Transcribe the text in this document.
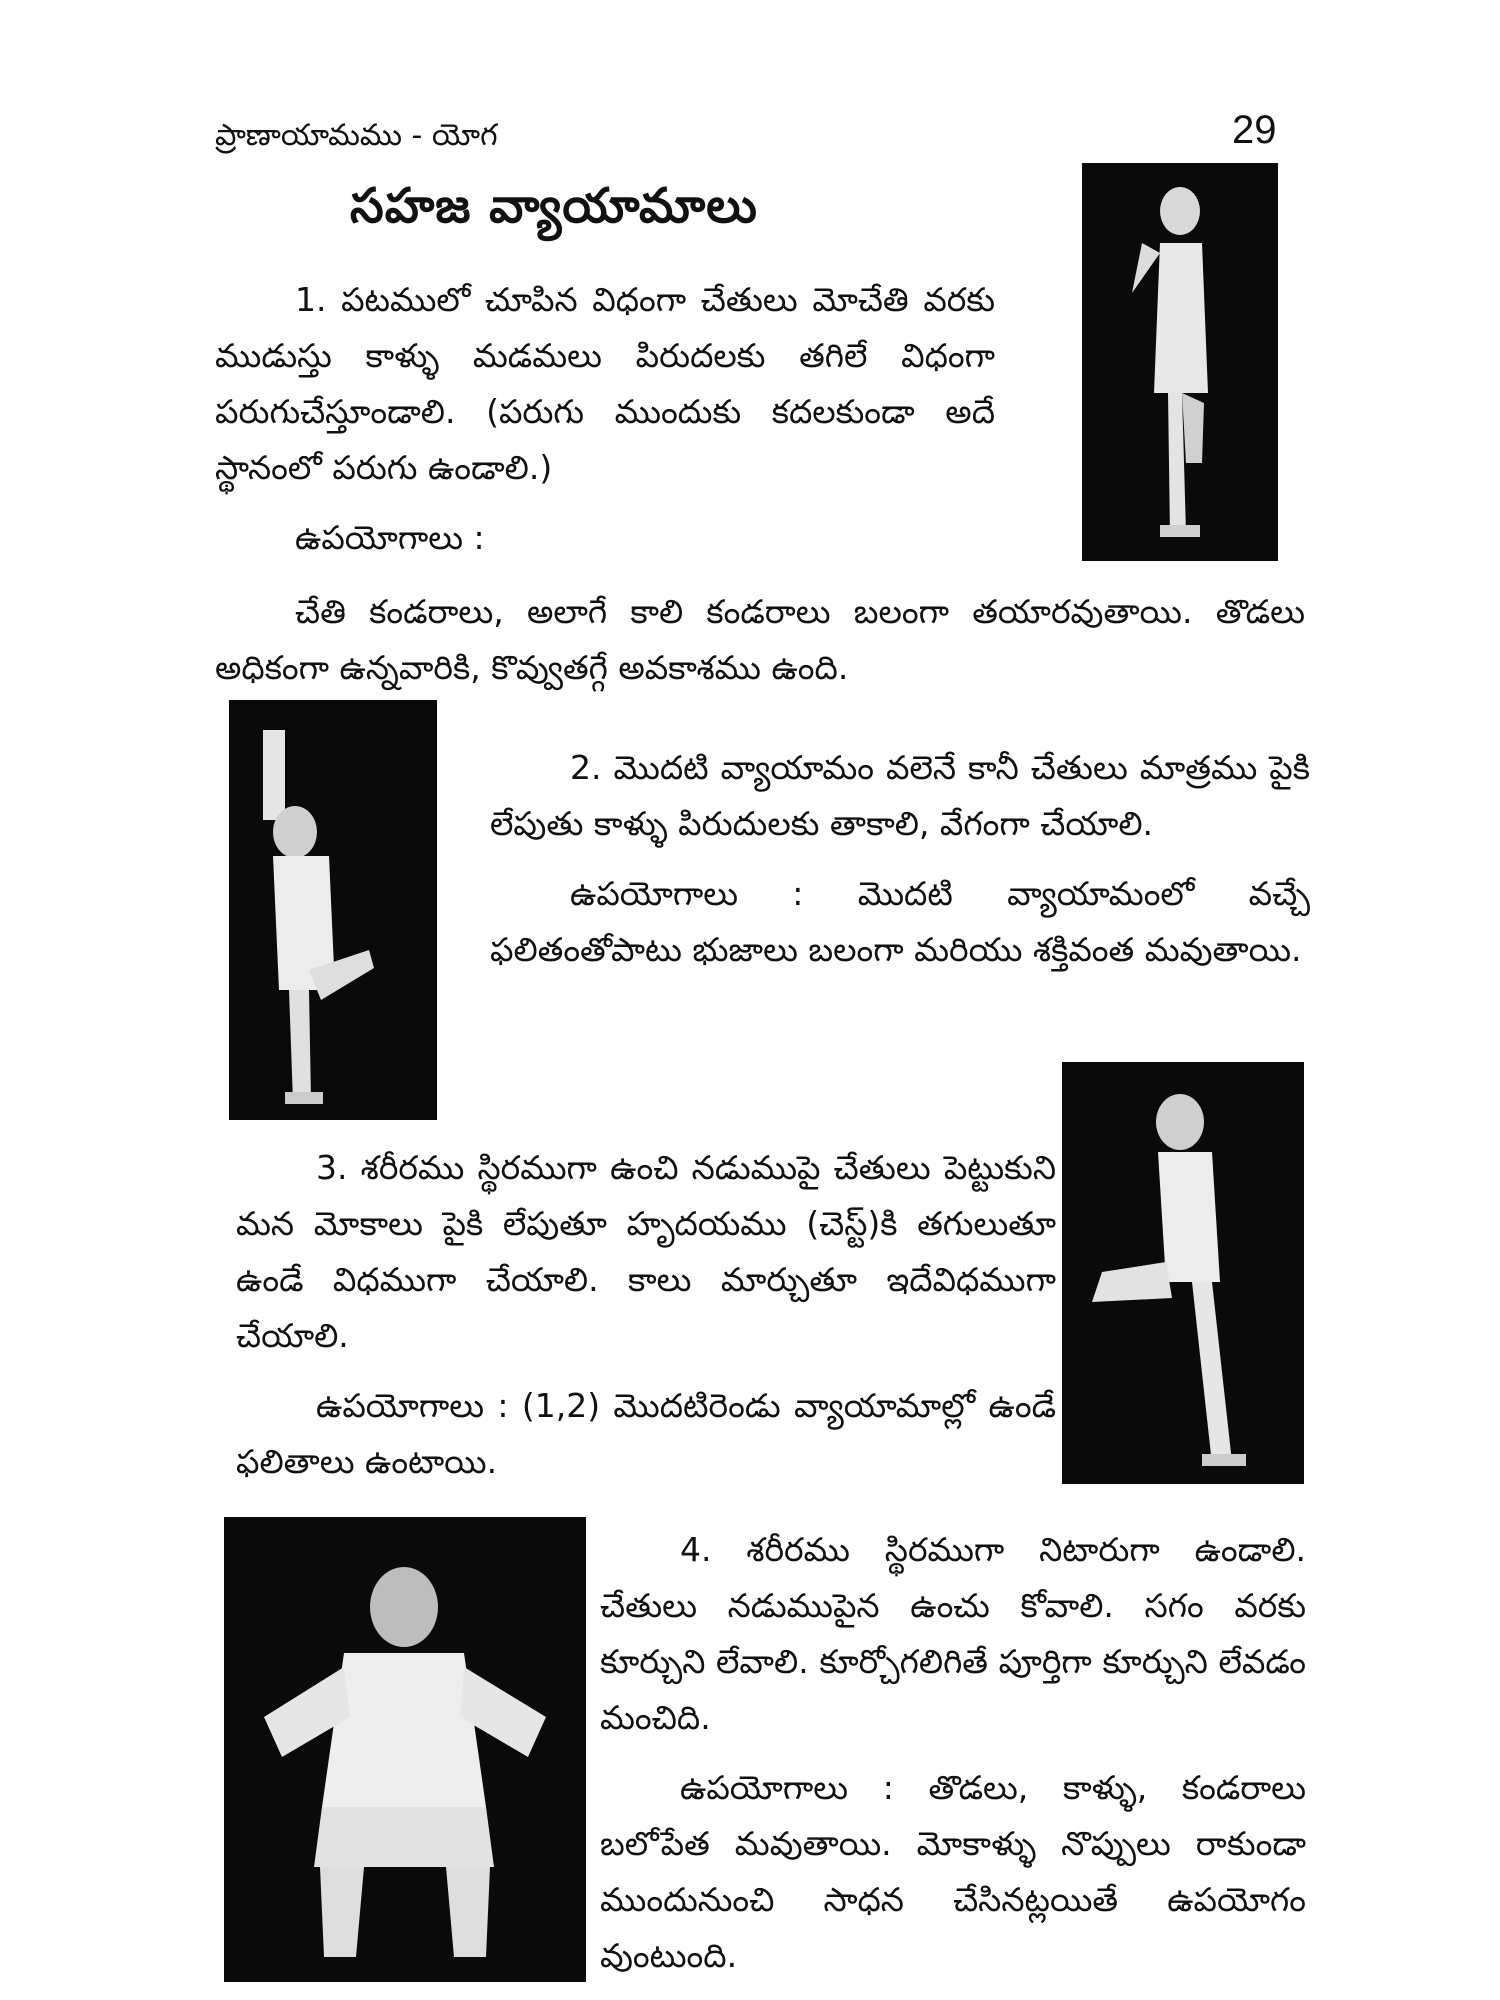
ప్రాణాయామము - యోగ	29
సహజ వ్యాయామాలు

1. పటములో చూపిన విధంగా చేతులు మోచేతి వరకు ముడుస్తు కాళ్ళు మడమలు పిరుదలకు తగిలే విధంగా పరుగుచేస్తూండాలి. (పరుగు ముందుకు కదలకుండా అదే స్థానంలో పరుగు ఉండాలి.)

ఉపయోగాలు :

చేతి కండరాలు, అలాగే కాలి కండరాలు బలంగా తయారవుతాయి. తొడలు అధికంగా ఉన్నవారికి, కొవ్వుతగ్గే అవకాశము ఉంది.

2. మొదటి వ్యాయామం వలెనే కానీ చేతులు మాత్రము పైకి లేపుతు కాళ్ళు పిరుదులకు తాకాలి, వేగంగా చేయాలి.

ఉపయోగాలు : మొదటి వ్యాయామంలో వచ్చే ఫలితంతోపాటు భుజాలు బలంగా మరియు శక్తివంత మవుతాయి.

3. శరీరము స్థిరముగా ఉంచి నడుముపై చేతులు పెట్టుకుని మన మోకాలు పైకి లేపుతూ హృదయము (చెస్ట్)కి తగులుతూ ఉండే విధముగా చేయాలి. కాలు మార్చుతూ ఇదేవిధముగా చేయాలి.

ఉపయోగాలు : (1,2) మొదటిరెండు వ్యాయామాల్లో ఉండే ఫలితాలు ఉంటాయి.

4. శరీరము స్థిరముగా నిటారుగా ఉండాలి. చేతులు నడుముపైన ఉంచు కోవాలి. సగం వరకు కూర్చుని లేవాలి. కూర్చోగలిగితే పూర్తిగా కూర్చుని లేవడం మంచిది.

ఉపయోగాలు : తొడలు, కాళ్ళు, కండరాలు బలోపేత మవుతాయి. మోకాళ్ళు నొప్పులు రాకుండా ముందునుంచి సాధన చేసినట్లయితే ఉపయోగం వుంటుంది.
